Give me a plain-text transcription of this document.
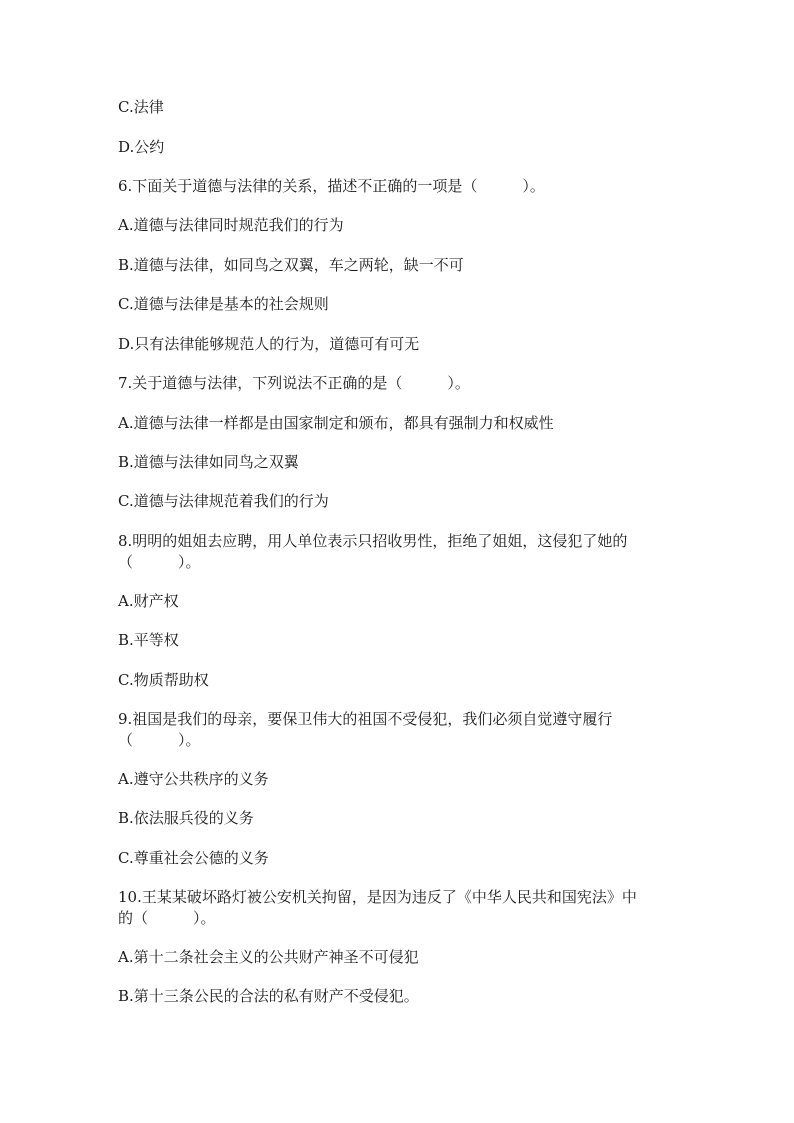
C.法律
D.公约
6.下面关于道德与法律的关系，描述不正确的一项是（　　　）。
A.道德与法律同时规范我们的行为
B.道德与法律，如同鸟之双翼，车之两轮，缺一不可
C.道德与法律是基本的社会规则
D.只有法律能够规范人的行为，道德可有可无
7.关于道德与法律，下列说法不正确的是（　　　）。
A.道德与法律一样都是由国家制定和颁布，都具有强制力和权威性
B.道德与法律如同鸟之双翼
C.道德与法律规范着我们的行为
8.明明的姐姐去应聘，用人单位表示只招收男性，拒绝了姐姐，这侵犯了她的
（　　　）。
A.财产权
B.平等权
C.物质帮助权
9.祖国是我们的母亲，要保卫伟大的祖国不受侵犯，我们必须自觉遵守履行
（　　　）。
A.遵守公共秩序的义务
B.依法服兵役的义务
C.尊重社会公德的义务
10.王某某破坏路灯被公安机关拘留，是因为违反了《中华人民共和国宪法》中
的（　　　）。
A.第十二条社会主义的公共财产神圣不可侵犯
B.第十三条公民的合法的私有财产不受侵犯。
